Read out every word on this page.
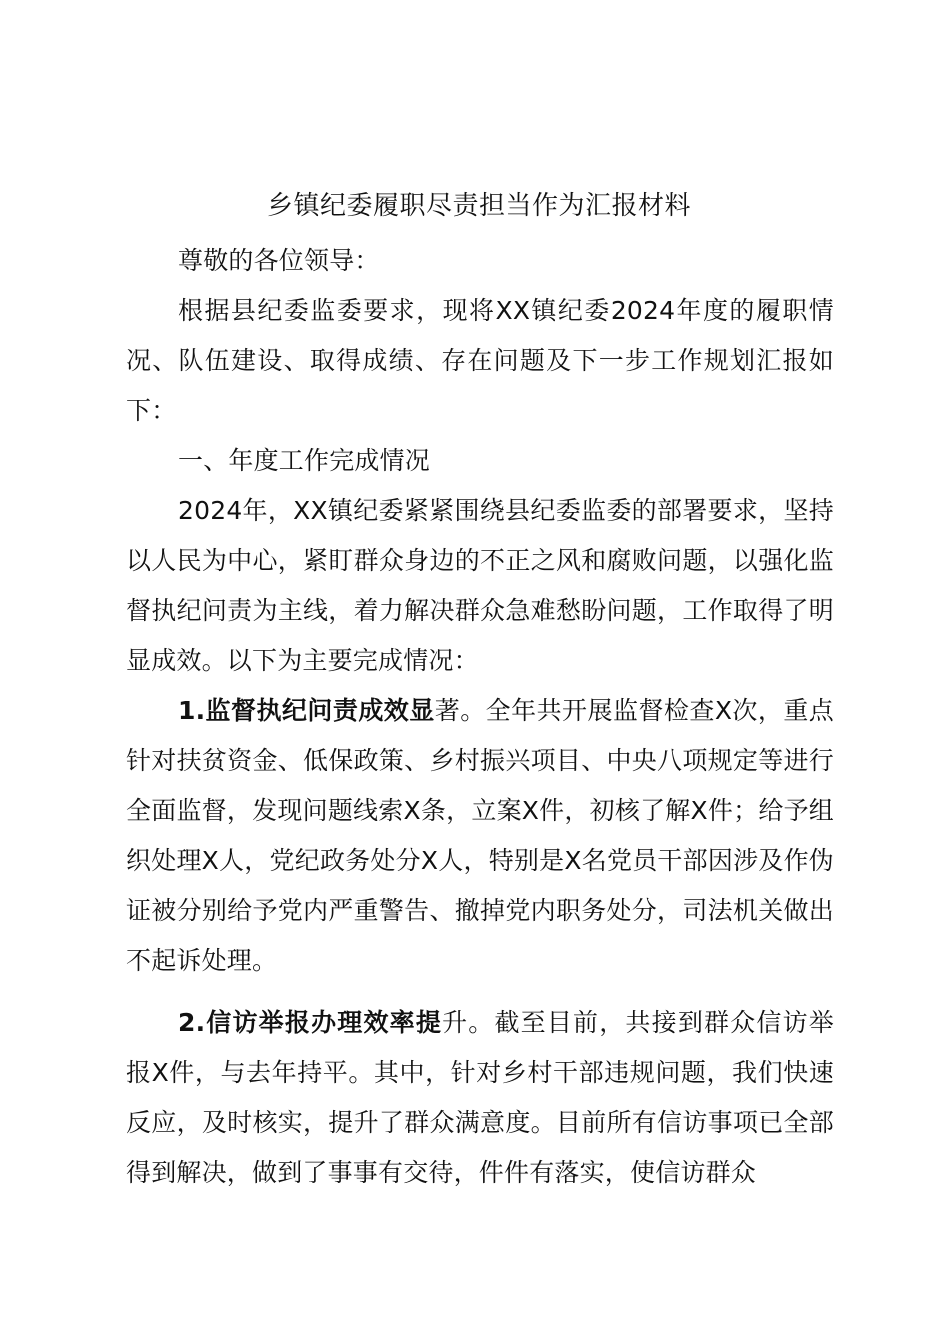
乡镇纪委履职尽责担当作为汇报材料

尊敬的各位领导：

根据县纪委监委要求，现将XX镇纪委2024年度的履职情况、队伍建设、取得成绩、存在问题及下一步工作规划汇报如下：

一、年度工作完成情况

2024年，XX镇纪委紧紧围绕县纪委监委的部署要求，坚持以人民为中心，紧盯群众身边的不正之风和腐败问题，以强化监督执纪问责为主线，着力解决群众急难愁盼问题，工作取得了明显成效。以下为主要完成情况：

1.监督执纪问责成效显著。全年共开展监督检查X次，重点针对扶贫资金、低保政策、乡村振兴项目、中央八项规定等进行全面监督，发现问题线索X条，立案X件，初核了解X件；给予组织处理X人，党纪政务处分X人，特别是X名党员干部因涉及作伪证被分别给予党内严重警告、撤掉党内职务处分，司法机关做出不起诉处理。

2.信访举报办理效率提升。截至目前，共接到群众信访举报X件，与去年持平。其中，针对乡村干部违规问题，我们快速反应，及时核实，提升了群众满意度。目前所有信访事项已全部得到解决，做到了事事有交待，件件有落实，使信访群众
